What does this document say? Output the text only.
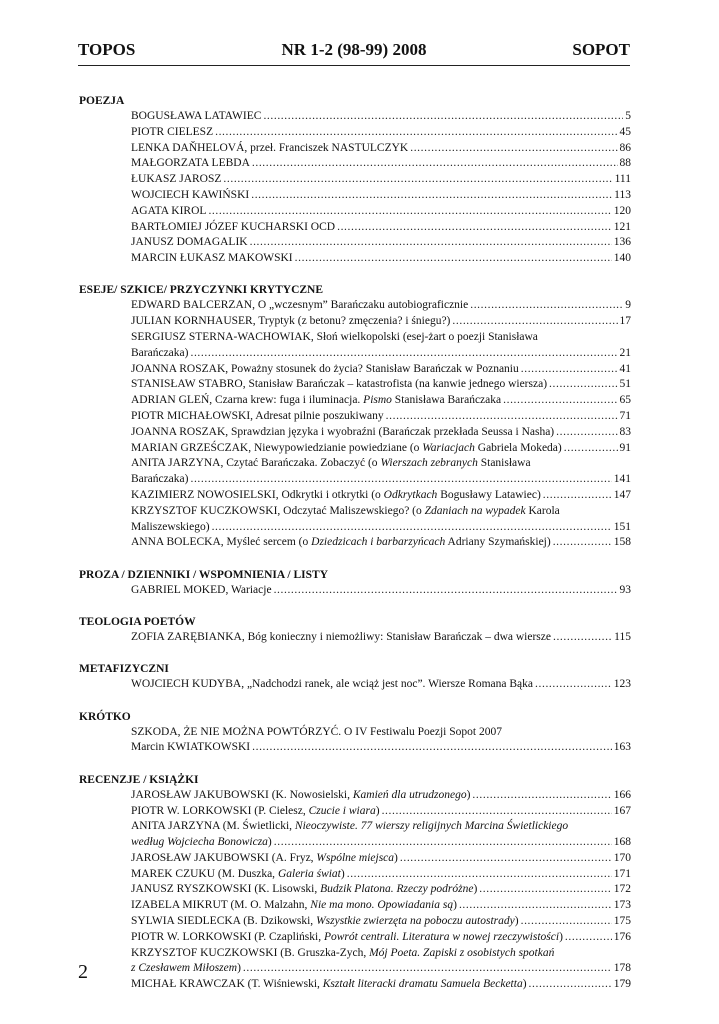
TOPOS	NR 1-2 (98-99) 2008	SOPOT
POEZJA
BOGUSŁAWA LATAWIEC .....	5
PIOTR CIELESZ .....	45
LENKA DAŇHELOVÁ, przeł. Franciszek NASTULCZYK .....	86
MAŁGORZATA LEBDA .....	88
ŁUKASZ JAROSZ .....	111
WOJCIECH KAWIŃSKI .....	113
AGATA KIROL .....	120
BARTŁOMIEJ JÓZEF KUCHARSKI OCD .....	121
JANUSZ DOMAGALIK .....	136
MARCIN ŁUKASZ MAKOWSKI .....	140
ESEJE/ SZKICE/ PRZYCZYNKI KRYTYCZNE
EDWARD BALCERZAN, O „wczesnym” Barańczaku autobiograficznie .....	9
JULIAN KORNHAUSER, Tryptyk (z betonu? zmęczenia? i śniegu?) .....	17
SERGIUSZ STERNA-WACHOWIAK, Słoń wielkopolski (esej-żart o poezji Stanisława
Barańczaka) .....	21
JOANNA ROSZAK, Poważny stosunek do życia? Stanisław Barańczak w Poznaniu .....	41
STANISŁAW STABRO, Stanisław Barańczak – katastrofista (na kanwie jednego wiersza) .....	51
ADRIAN GLEŃ, Czarna krew: fuga i iluminacja. Pismo Stanisława Barańczaka .....	65
PIOTR MICHAŁOWSKI, Adresat pilnie poszukiwany .....	71
JOANNA ROSZAK, Sprawdzian języka i wyobraźni (Barańczak przekłada Seussa i Nasha) .....	83
MARIAN GRZEŚCZAK, Niewypowiedzianie powiedziane (o Wariacjach Gabriela Mokeda) .....	91
ANITA JARZYNA, Czytać Barańczaka. Zobaczyć (o Wierszach zebranych Stanisława
Barańczaka) .....	141
KAZIMIERZ NOWOSIELSKI, Odkrytki i otkrytki (o Odkrytkach Bogusławy Latawiec) .....	147
KRZYSZTOF KUCZKOWSKI, Odczytać Maliszewskiego? (o Zdaniach na wypadek Karola
Maliszewskiego) .....	151
ANNA BOLECKA, Myśleć sercem (o Dziedzicach i barbarzyńcach Adriany Szymańskiej) .....	158
PROZA / DZIENNIKI / WSPOMNIENIA / LISTY
GABRIEL MOKED, Wariacje .....	93
TEOLOGIA POETÓW
ZOFIA ZARĘBIANKA, Bóg konieczny i niemożliwy: Stanisław Barańczak – dwa wiersze .....	115
METAFIZYCZNI
WOJCIECH KUDYBA, „Nadchodzi ranek, ale wciąż jest noc”. Wiersze Romana Bąka .....	123
KRÓTKO
SZKODA, ŻE NIE MOŻNA POWTÓRZYĆ. O IV Festiwalu Poezji Sopot 2007
Marcin KWIATKOWSKI .....	163
RECENZJE / KSIĄŻKI
JAROSŁAW JAKUBOWSKI (K. Nowosielski, Kamień dla utrudzonego) .....	166
PIOTR W. LORKOWSKI (P. Cielesz, Czucie i wiara) .....	167
ANITA JARZYNA (M. Świetlicki, Nieoczywiste. 77 wierszy religijnych Marcina Świetlickiego
według Wojciecha Bonowicza) .....	168
JAROSŁAW JAKUBOWSKI (A. Fryz, Wspólne miejsca) .....	170
MAREK CZUKU (M. Duszka, Galeria świat) .....	171
JANUSZ RYSZKOWSKI (K. Lisowski, Budzik Platona. Rzeczy podróżne) .....	172
IZABELA MIKRUT (M. O. Malzahn, Nie ma mono. Opowiadania są) .....	173
SYLWIA SIEDLECKA (B. Dzikowski, Wszystkie zwierzęta na poboczu autostrady) .....	175
PIOTR W. LORKOWSKI (P. Czapliński, Powrót centrali. Literatura w nowej rzeczywistości) .....	176
KRZYSZTOF KUCZKOWSKI (B. Gruszka-Zych, Mój Poeta. Zapiski z osobistych spotkań
z Czesławem Miłoszem) .....	178
MICHAŁ KRAWCZAK (T. Wiśniewski, Kształt literacki dramatu Samuela Becketta) .....	179
2
